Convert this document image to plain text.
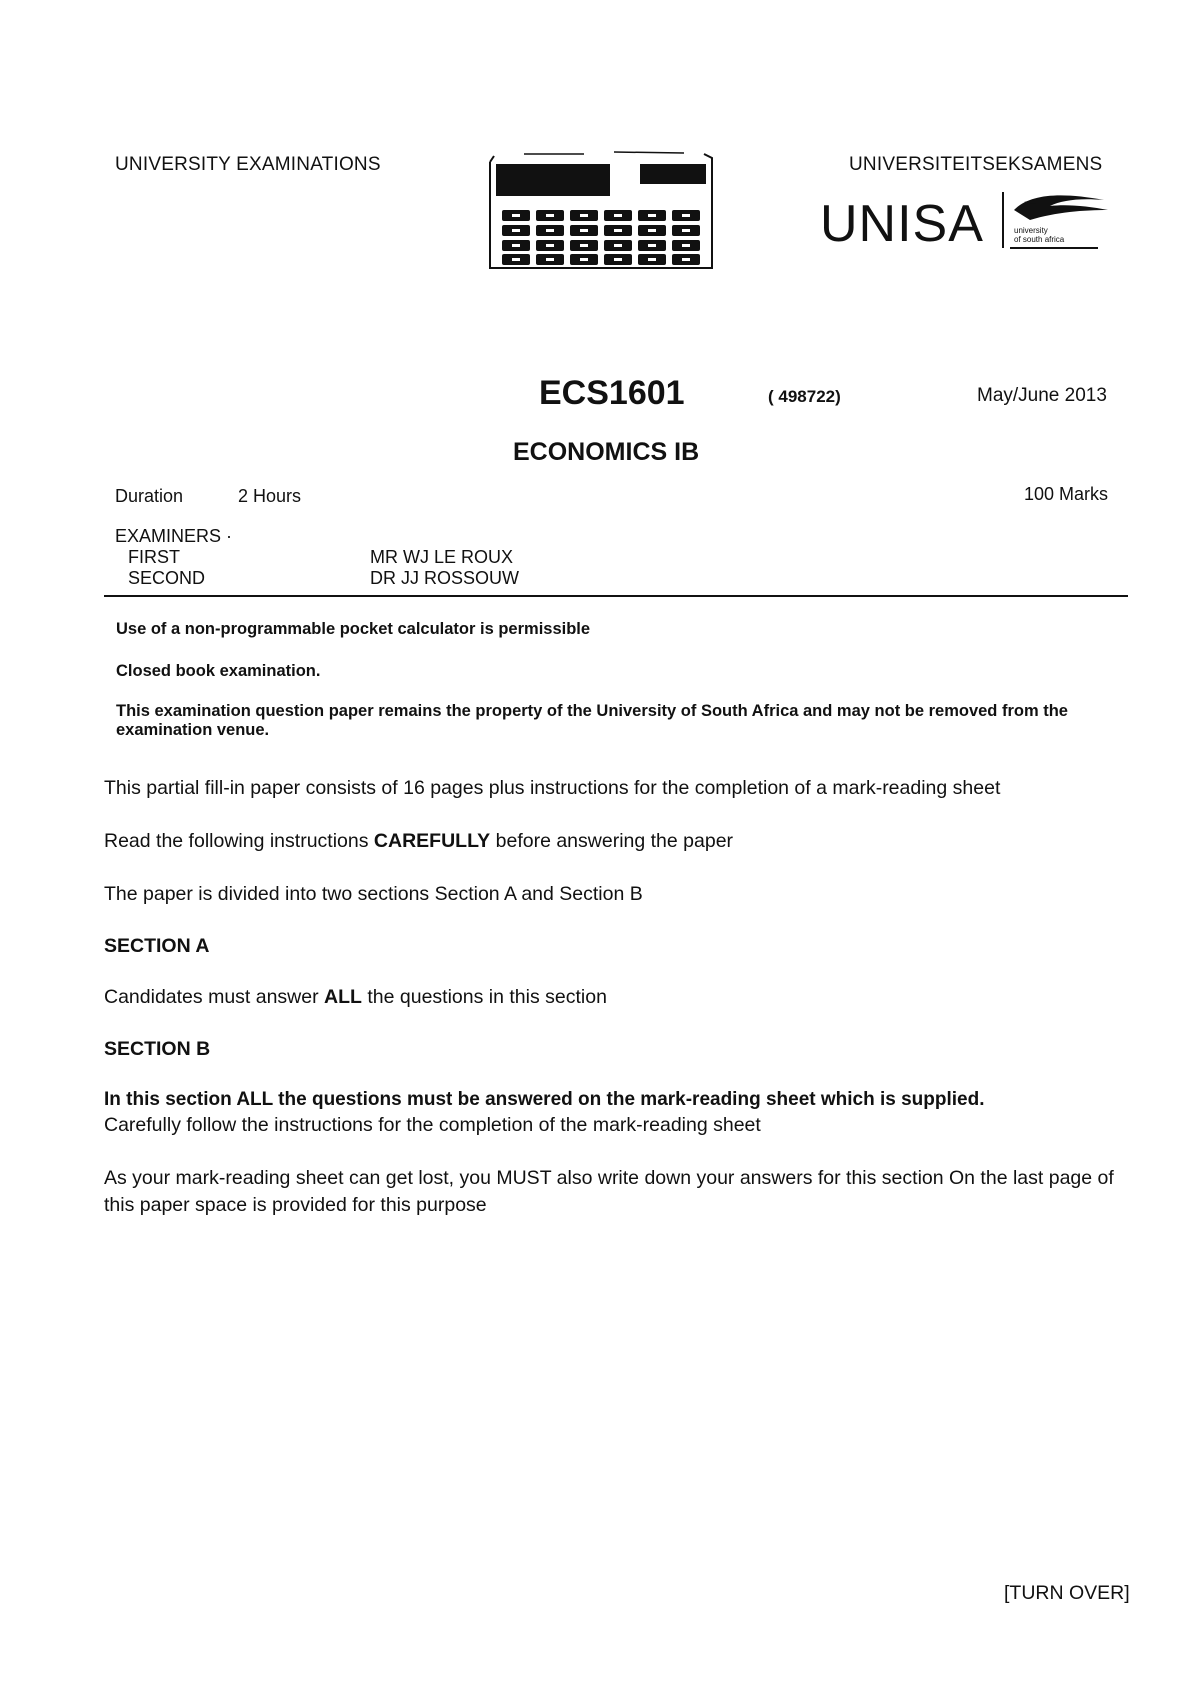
UNIVERSITY EXAMINATIONS	UNIVERSITEITSEKSAMENS
UNISA	university
of south africa
ECS1601	( 498722)	May/June 2013
ECONOMICS IB
Duration	2 Hours	100 Marks
EXAMINERS ·
FIRST	MR WJ LE ROUX
SECOND	DR JJ ROSSOUW
Use of a non-programmable pocket calculator is permissible
Closed book examination.
This examination question paper remains the property of the University of South Africa and may not be removed from the examination venue.
This partial fill-in paper consists of 16 pages plus instructions for the completion of a mark-reading sheet
Read the following instructions CAREFULLY before answering the paper
The paper is divided into two sections Section A and Section B
SECTION A
Candidates must answer ALL the questions in this section
SECTION B
In this section ALL the questions must be answered on the mark-reading sheet which is supplied.
Carefully follow the instructions for the completion of the mark-reading sheet
As your mark-reading sheet can get lost, you MUST also write down your answers for this section On the last page of this paper space is provided for this purpose
[TURN OVER]
